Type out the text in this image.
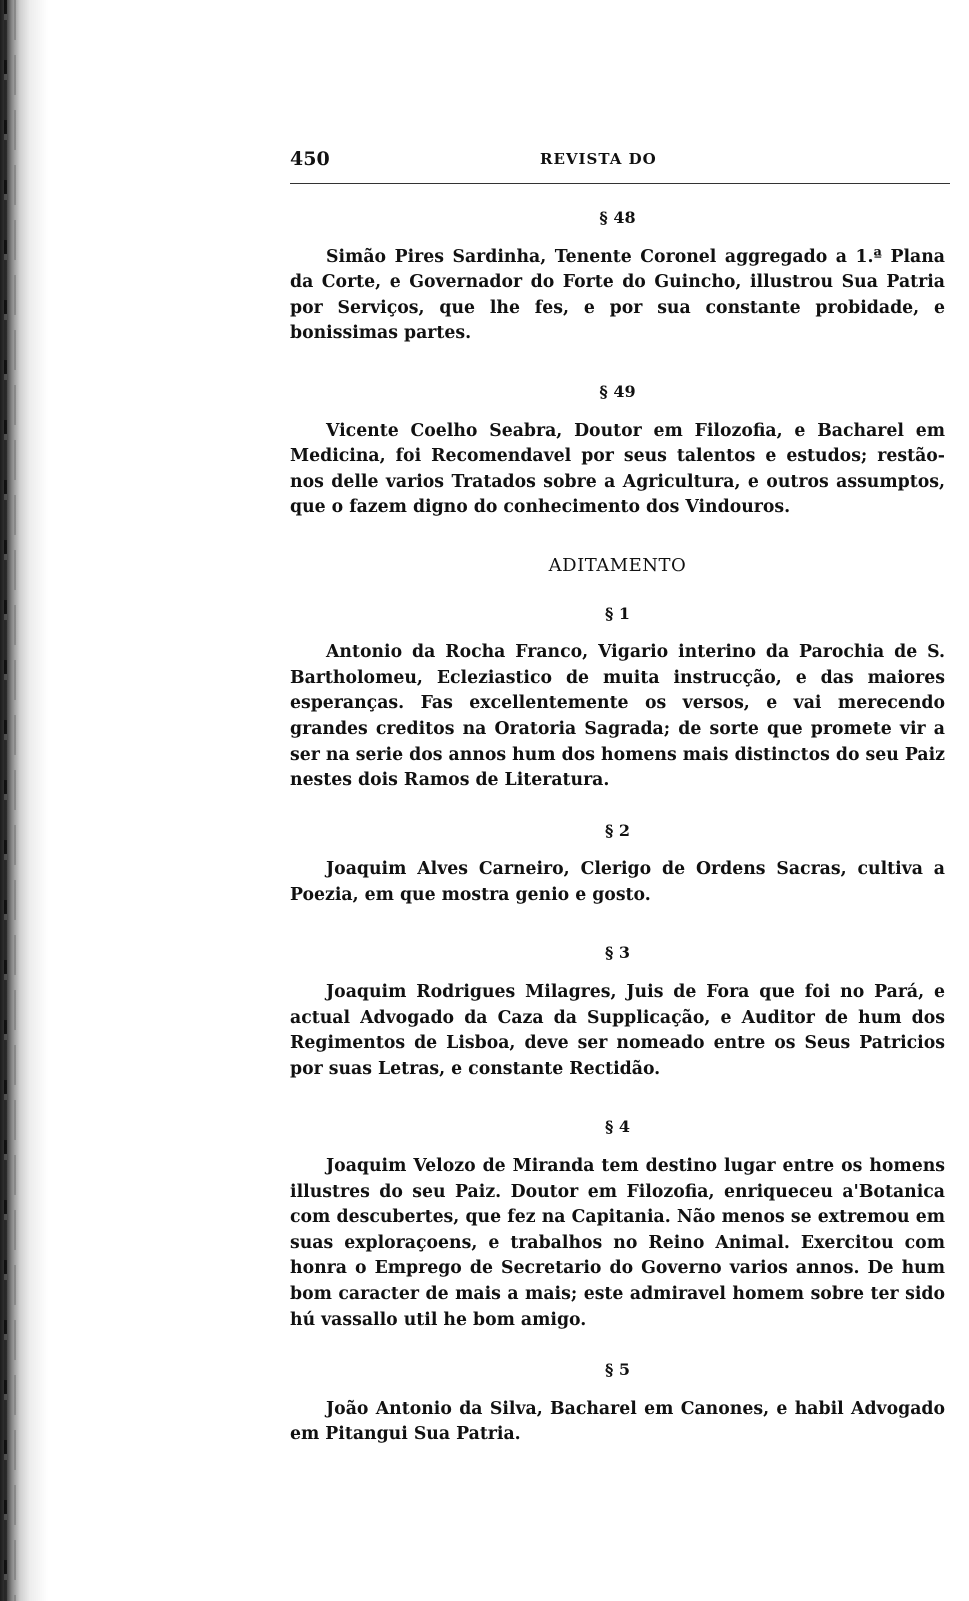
450	REVISTA DO
§ 48

Simão Pires Sardinha, Tenente Coronel aggregado a 1.ª Plana da Corte, e Governador do Forte do Guincho, illustrou Sua Patria por Serviços, que lhe fes, e por sua constante probidade, e bonissimas partes.

§ 49

Vicente Coelho Seabra, Doutor em Filozofia, e Bacharel em Medicina, foi Recomendavel por seus talentos e estudos; restão-nos delle varios Tratados sobre a Agricultura, e outros assumptos, que o fazem digno do conhecimento dos Vindouros.

ADITAMENTO
§ 1

Antonio da Rocha Franco, Vigario interino da Parochia de S. Bartholomeu, Ecleziastico de muita instrucção, e das maiores esperanças. Fas excellentemente os versos, e vai merecendo grandes creditos na Oratoria Sagrada; de sorte que promete vir a ser na serie dos annos hum dos homens mais distinctos do seu Paiz nestes dois Ramos de Literatura.

§ 2

Joaquim Alves Carneiro, Clerigo de Ordens Sacras, cultiva a Poezia, em que mostra genio e gosto.

§ 3

Joaquim Rodrigues Milagres, Juis de Fora que foi no Pará, e actual Advogado da Caza da Supplicação, e Auditor de hum dos Regimentos de Lisboa, deve ser nomeado entre os Seus Patricios por suas Letras, e constante Rectidão.

§ 4

Joaquim Velozo de Miranda tem destino lugar entre os homens illustres do seu Paiz. Doutor em Filozofia, enriqueceu a'Botanica com descubertes, que fez na Capitania. Não menos se extremou em suas exploraçoens, e trabalhos no Reino Animal. Exercitou com honra o Emprego de Secretario do Governo varios annos. De hum bom caracter de mais a mais; este admiravel homem sobre ter sido hú vassallo util he bom amigo.

§ 5

João Antonio da Silva, Bacharel em Canones, e habil Advogado em Pitangui Sua Patria.
